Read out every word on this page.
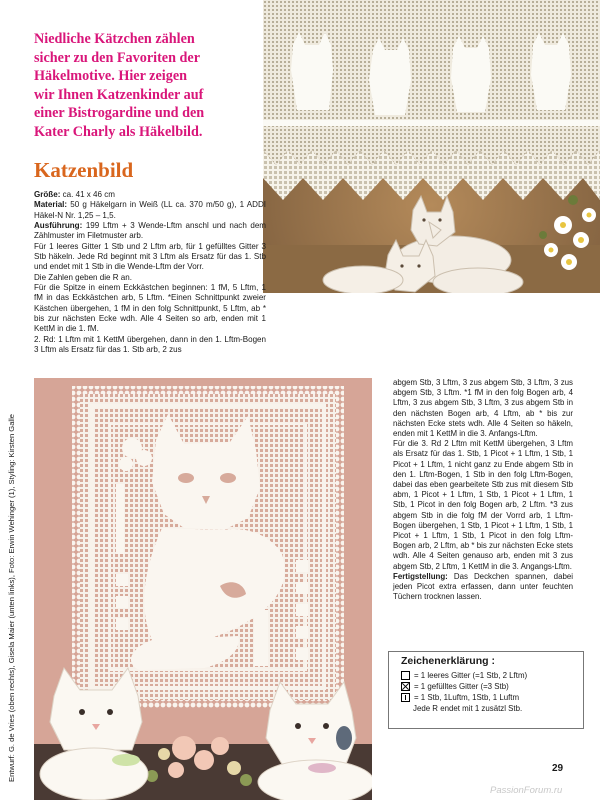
Niedliche Kätzchen zählen
sicher zu den Favoriten der
Häkelmotive. Hier zeigen
wir Ihnen Katzenkinder auf
einer Bistrogardine und den
Kater Charly als Häkelbild.
Katzenbild

Größe: ca. 41 x 46 cm

Material: 50 g Häkelgarn in Weiß (LL ca. 370 m/50 g), 1 ADDI Häkel-N Nr. 1,25 – 1,5.

Ausführung: 199 Lftm + 3 Wende-Lftm anschl und nach dem Zählmuster im Filetmuster arb.

Für 1 leeres Gitter 1 Stb und 2 Lftm arb, für 1 gefülltes Gitter 3 Stb häkeln. Jede Rd beginnt mit 3 Lftm als Ersatz für das 1. Stb und endet mit 1 Stb in die Wende-Lftm der Vorr.

Die Zahlen geben die R an.

Für die Spitze in einem Eckkästchen beginnen: 1 fM, 5 Lftm, 1 fM in das Eckkästchen arb, 5 Lftm. *Einen Schnittpunkt zweier Kästchen übergehen, 1 fM in den folg Schnittpunkt, 5 Lftm, ab * bis zur nächsten Ecke wdh. Alle 4 Seiten so arb, enden mit 1 KettM in die 1. fM.

2. Rd: 1 Lftm mit 1 KettM übergehen, dann in den 1. Lftm-Bogen 3 Lftm als Ersatz für das 1. Stb arb, 2 zus

Entwurf: G. de Vries (oben rechts), Gisela Maier (unten links), Foto: Erwin Wehinger (1), Styling: Kirsten Galle

abgem Stb, 3 Lftm, 3 zus abgem Stb, 3 Lftm, 3 zus abgem Stb, 3 Lftm. *1 fM in den folg Bogen arb, 4 Lftm, 3 zus abgem Stb, 3 Lftm, 3 zus abgem Stb in den nächsten Bogen arb, 4 Lftm, ab * bis zur nächsten Ecke stets wdh. Alle 4 Seiten so häkeln, enden mit 1 KettM in die 3. Anfangs-Lftm.

Für die 3. Rd 2 Lftm mit KettM übergehen, 3 Lftm als Ersatz für das 1. Stb, 1 Picot + 1 Lftm, 1 Stb, 1 Picot + 1 Lftm, 1 nicht ganz zu Ende abgem Stb in den 1. Lftm-Bogen, 1 Stb in den folg Lftm-Bogen, dabei das eben gearbeitete Stb zus mit diesem Stb abm, 1 Picot + 1 Lftm, 1 Stb, 1 Picot + 1 Lftm, 1 Stb, 1 Picot in den folg Bogen arb, 2 Lftm. *3 zus abgem Stb in die folg fM der Vorrd arb, 1 Lftm-Bogen übergehen, 1 Stb, 1 Picot + 1 Lftm, 1 Stb, 1 Picot + 1 Lftm, 1 Stb, 1 Picot in den folg Lftm-Bogen arb, 2 Lftm, ab * bis zur nächsten Ecke stets wdh. Alle 4 Seiten genauso arb, enden mit 3 zus abgem Stb, 2 Lftm, 1 KettM in die 3. Angangs-Lftm.

Fertigstellung: Das Deckchen spannen, dabei jeden Picot extra erfassen, dann unter feuchten Tüchern trocknen lassen.

Zeichenerklärung :
= 1 leeres Gitter (=1 Stb, 2 Lftm)
= 1 gefülltes Gitter (=3 Stb)
= 1 Stb, 1Luftm, 1Stb, 1 Luftm
Jede R endet mit 1 zusätzl Stb.
29
PassionForum.ru
